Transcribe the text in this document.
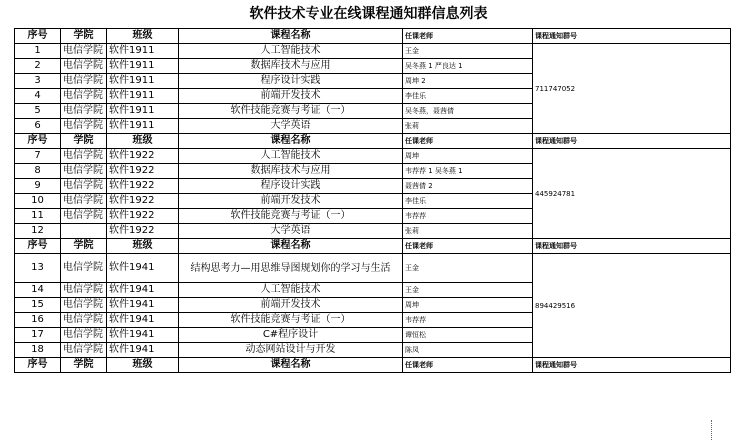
软件技术专业在线课程通知群信息列表
序号	学院	班级	课程名称	任课老师	课程通知群号
1	电信学院	软件1911	人工智能技术	王金	711747052
2	电信学院	软件1911	数据库技术与应用	吴冬燕 1 严良达 1	
3	电信学院	软件1911	程序设计实践	周坤 2	
4	电信学院	软件1911	前端开发技术	李佳乐	
5	电信学院	软件1911	软件技能竞赛与考证（一）	吴冬燕，聂茜倩	
6	电信学院	软件1911	大学英语	张莉	
序号	学院	班级	课程名称	任课老师	课程通知群号
7	电信学院	软件1922	人工智能技术	周坤	445924781
8	电信学院	软件1922	数据库技术与应用	韦荐荐 1 吴冬燕 1	
9	电信学院	软件1922	程序设计实践	聂茜倩 2	
10	电信学院	软件1922	前端开发技术	李佳乐	
11	电信学院	软件1922	软件技能竞赛与考证（一）	韦荐荐	
12		软件1922	大学英语	张莉	
序号	学院	班级	课程名称	任课老师	课程通知群号
13	电信学院	软件1941	结构思考力—用思维导图规划你的学习与生活	王金	894429516
14	电信学院	软件1941	人工智能技术	王金	
15	电信学院	软件1941	前端开发技术	周坤	
16	电信学院	软件1941	软件技能竞赛与考证（一）	韦荐荐	
17	电信学院	软件1941	C#程序设计	谭恒松	
18	电信学院	软件1941	动态网站设计与开发	陈凤	
序号	学院	班级	课程名称	任课老师	课程通知群号
